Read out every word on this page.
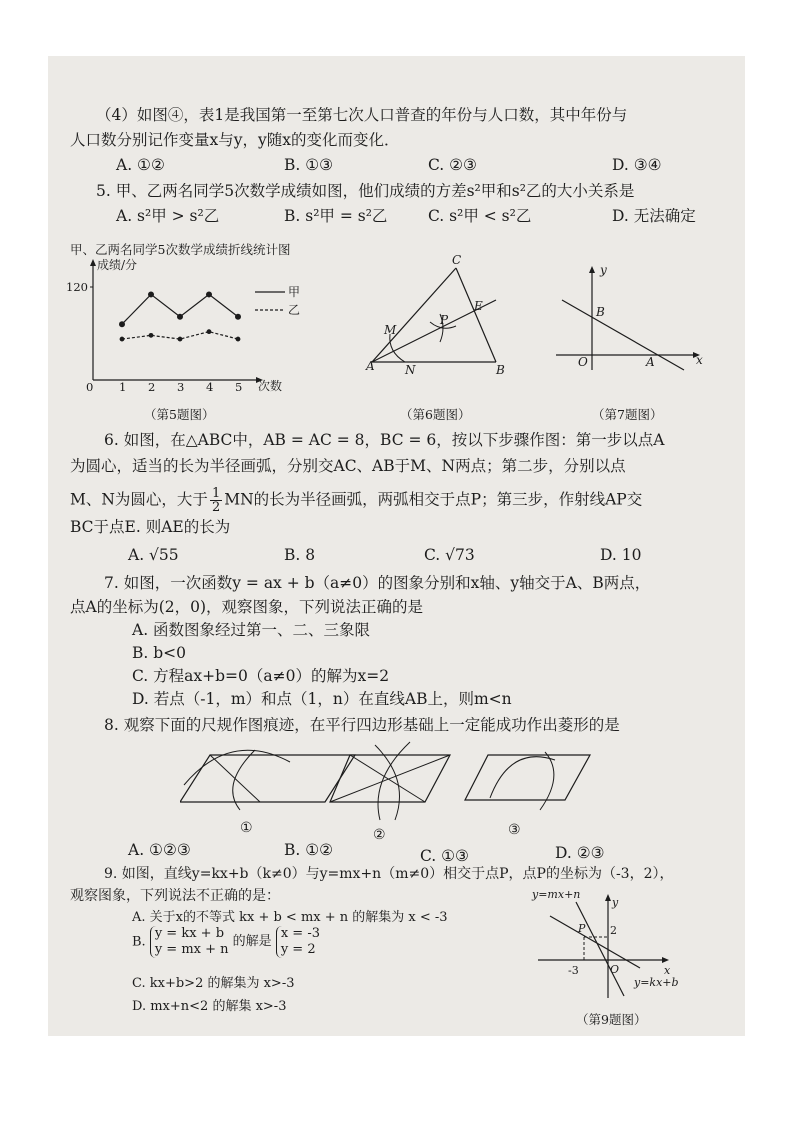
（4）如图④，表1是我国第一至第七次人口普查的年份与人口数，其中年份与
人口数分别记作变量x与y，y随x的变化而变化．
A. ①②	B. ①③	C. ②③	D. ③④
5. 甲、乙两名同学5次数学成绩如图，他们成绩的方差s²甲和s²乙的大小关系是
A. s²甲 > s²乙	B. s²甲 = s²乙	C. s²甲 < s²乙	D. 无法确定
甲、乙两名同学5次数学成绩折线统计图
成绩/分
次数
120	甲
乙
0 1 2 3 4 5
（第5题图）
C
E
P
M
A	N	B
（第6题图）
y
B
O	A	x
（第7题图）
6. 如图，在△ABC中，AB = AC = 8，BC = 6，按以下步骤作图：第一步以点A
为圆心，适当的长为半径画弧，分别交AC、AB于M、N两点；第二步，分别以点
M、N为圆心，大于 $\frac{1}{2}$ MN的长为半径画弧，两弧相交于点P；第三步，作射线AP交
BC于点E. 则AE的长为
A. √55	B. 8	C. √73	D. 10
7. 如图，一次函数y = ax + b（a≠0）的图象分别和x轴、y轴交于A、B两点，
点A的坐标为(2，0)，观察图象，下列说法正确的是
A. 函数图象经过第一、二、三象限
B. b<0
C. 方程ax+b=0（a≠0）的解为x=2
D. 若点（-1，m）和点（1，n）在直线AB上，则m<n
8. 观察下面的尺规作图痕迹，在平行四边形基础上一定能成功作出菱形的是
①	②	③
A. ①②③	B. ①②	C. ①③	D. ②③
9. 如图，直线y=kx+b（k≠0）与y=mx+n（m≠0）相交于点P，点P的坐标为（-3，2），
观察图象，下列说法不正确的是：
A. 关于x的不等式 kx + b < mx + n 的解集为 x < -3
B.
y = kx + b
y = mx + n
的解是
x = -3
y = 2
C. kx+b>2 的解集为 x>-3
D. mx+n<2 的解集 x>-3
y=mx+n
y
P 2
-3	O	x
y=kx+b
（第9题图）
